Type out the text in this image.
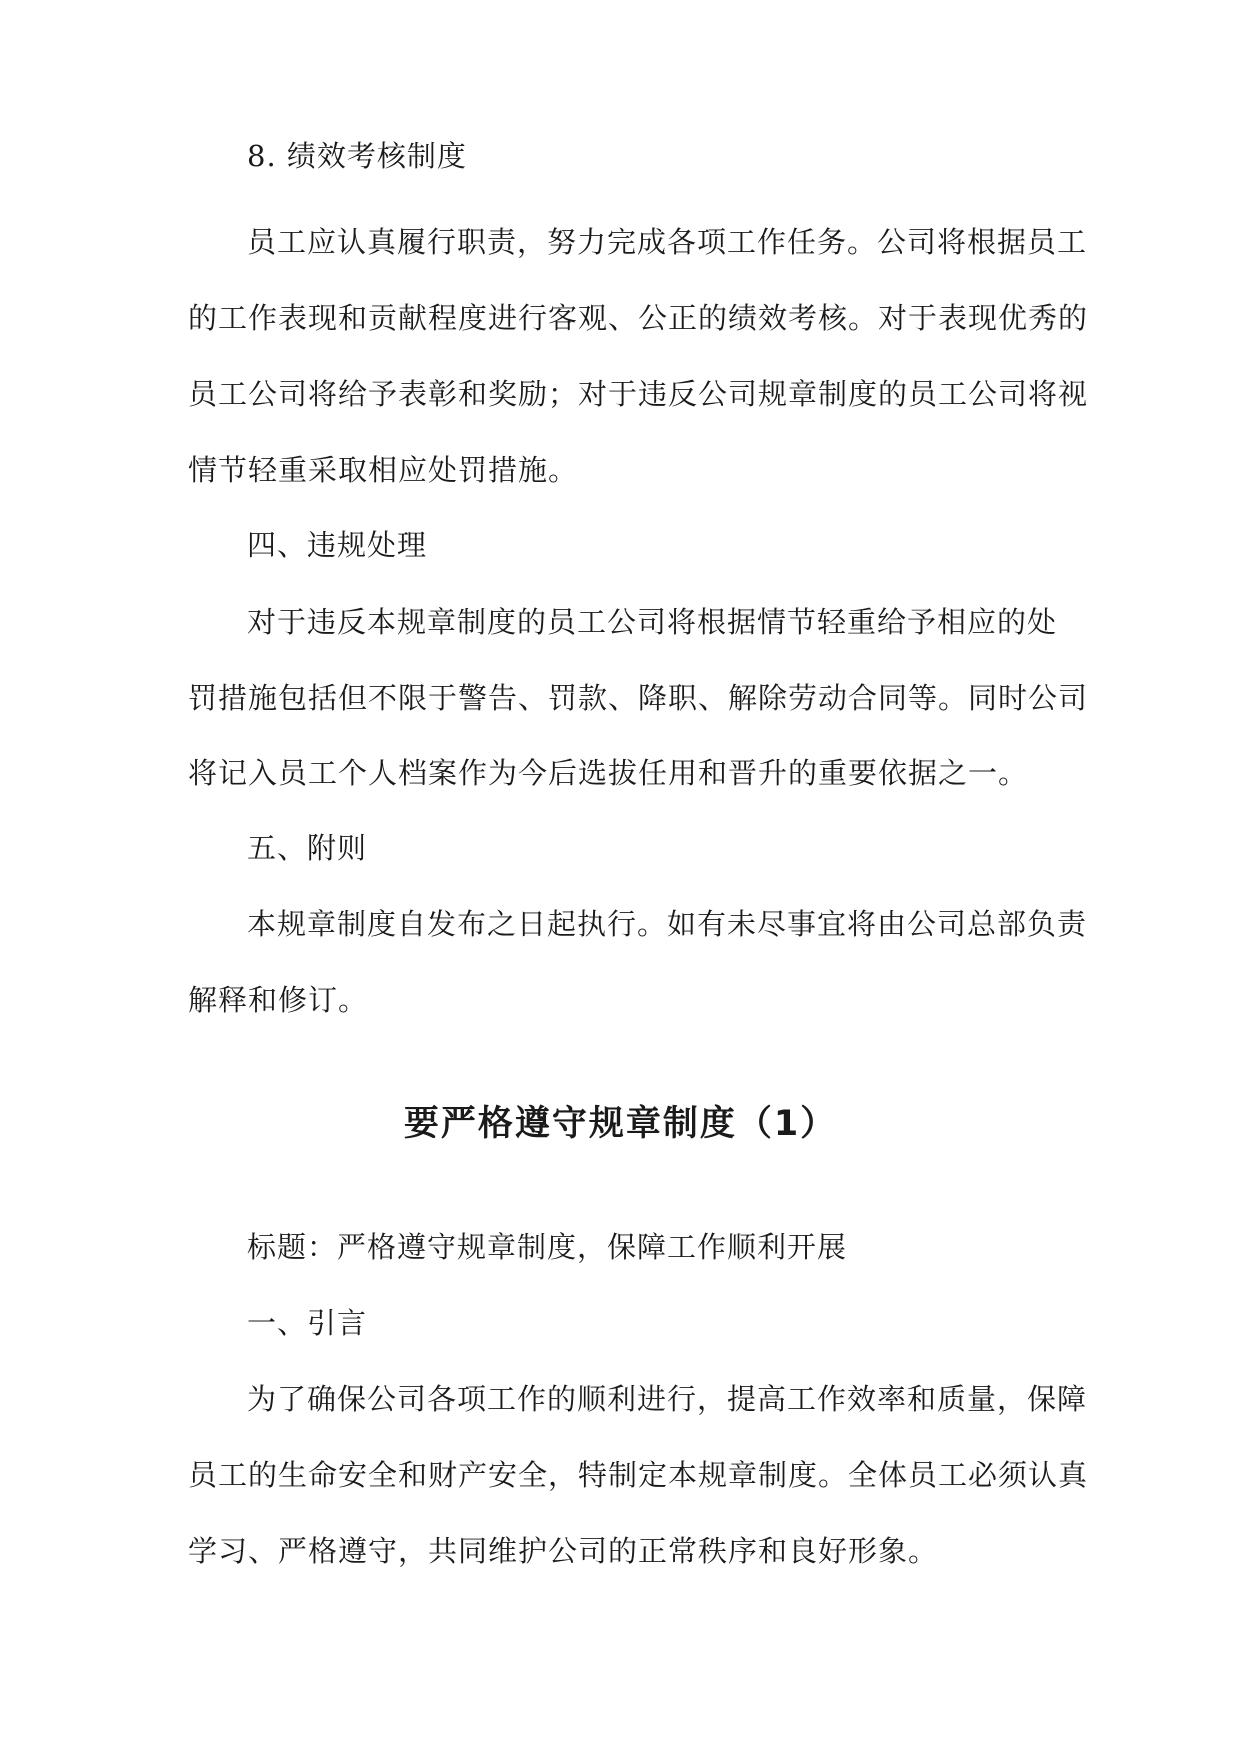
8. 绩效考核制度
员工应认真履行职责，努力完成各项工作任务。公司将根据员工
的工作表现和贡献程度进行客观、公正的绩效考核。对于表现优秀的
员工公司将给予表彰和奖励；对于违反公司规章制度的员工公司将视
情节轻重采取相应处罚措施。
四、违规处理
对于违反本规章制度的员工公司将根据情节轻重给予相应的处
罚措施包括但不限于警告、罚款、降职、解除劳动合同等。同时公司
将记入员工个人档案作为今后选拔任用和晋升的重要依据之一。
五、附则
本规章制度自发布之日起执行。如有未尽事宜将由公司总部负责
解释和修订。
要严格遵守规章制度（1）
标题：严格遵守规章制度，保障工作顺利开展
一、引言
为了确保公司各项工作的顺利进行，提高工作效率和质量，保障
员工的生命安全和财产安全，特制定本规章制度。全体员工必须认真
学习、严格遵守，共同维护公司的正常秩序和良好形象。
